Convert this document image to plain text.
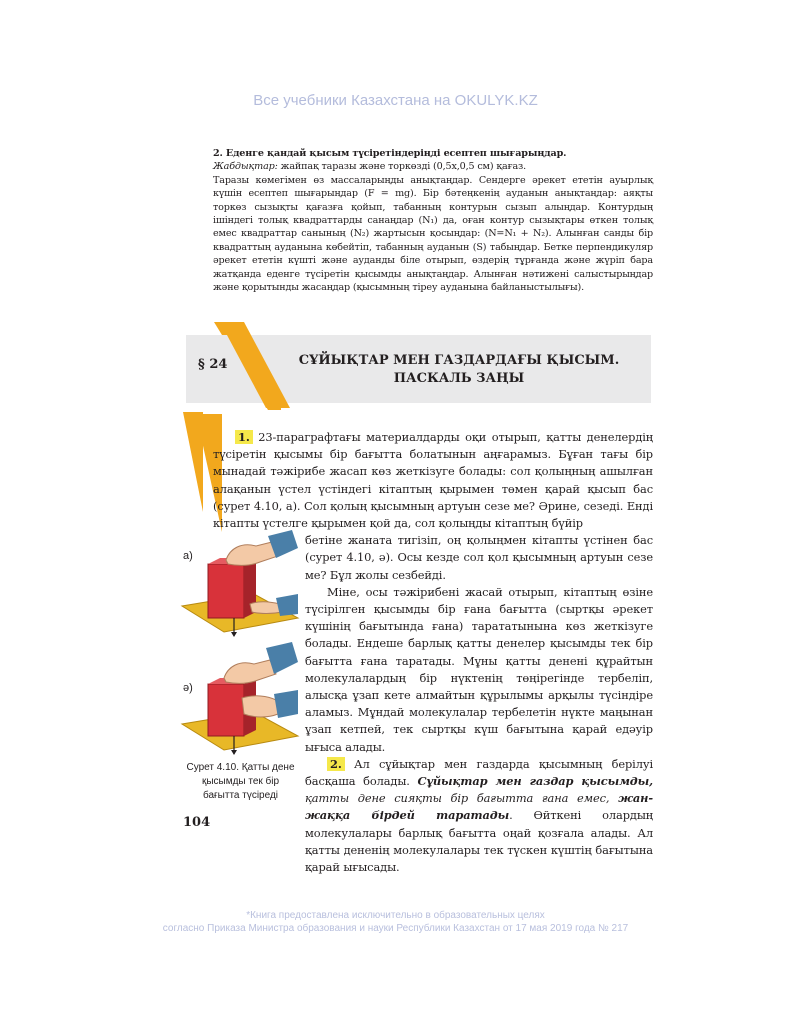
Все учебники Казахстана на OKULYK.KZ

2. Еденге қандай қысым түсіретіндеріңді есептеп шығарыңдар.

Жабдықтар: жайпақ таразы және торкөзді (0,5х,0,5 см) қағаз.

Таразы көмегімен өз массаларыңды анықтаңдар. Сендерге әрекет ететін ауырлық күшін есептеп шығарыңдар (F = mg). Бір бәтеңкенің ауданын анықтаңдар: аяқты торкөз сызықты қағазға қойып, табанның контурын сызып алыңдар. Контурдың ішіндегі толық квадраттарды санаңдар (N₁) да, оған контур сызықтары өткен толық емес квадраттар санының (N₂) жартысын қосыңдар: (N=N₁ + N₂). Алынған санды бір квадраттың ауданына көбейтіп, табанның ауданын (S) табыңдар. Бетке перпендикуляр әрекет ететін күшті және ауданды біле отырып, өздерің тұрғанда және жүріп бара жатқанда еденге түсіретін қысымды анықтаңдар. Алынған нәтижені салыстырыңдар және қорытынды жасаңдар (қысымның тіреу ауданына байланыстылығы).

§ 24	СҰЙЫҚТАР МЕН ГАЗДАРДАҒЫ ҚЫСЫМ.
ПАСКАЛЬ ЗАҢЫ

1. 23-параграфтағы материалдарды оқи отырып, қатты денелердің түсіретін қысымы бір бағытта болатынын аңғарамыз. Бұған тағы бір мынадай тәжірибе жасап көз жеткізуге болады: сол қолыңның ашылған алақанын үстел үстіндегі кітаптың қырымен төмен қарай қысып бас (сурет 4.10, а). Сол қолың қысымның артуын сезе ме? Әрине, сезеді. Енді кітапты үстелге қырымен қой да, сол қолыңды кітаптың бүйір

бетіне жаната тигізіп, оң қолыңмен кітапты үстінен бас (сурет 4.10, ә). Осы кезде сол қол қысымның артуын сезе ме? Бұл жолы сезбейді.

Міне, осы тәжірибені жасай отырып, кітаптың өзіне түсірілген қысымды бір ғана бағытта (сыртқы әрекет күшінің бағытында ғана) тарататынына көз жеткізуге болады. Ендеше барлық қатты денелер қысымды тек бір бағытта ғана таратады. Мұны қатты денені құрайтын молекулалардың бір нүктенің төңірегінде тербеліп, алысқа ұзап кете алмайтын құрылымы арқылы түсіндіре аламыз. Мұндай молекулалар тербелетін нүкте маңынан ұзап кетпей, тек сыртқы күш бағытына қарай едәуір ығыса алады.

2. Ал сұйықтар мен газдарда қысымның берілуі басқаша болады. Сұйықтар мен газдар қысымды, қатты дене сияқты бір бағытта ғана емес, жан-жаққа бірдей таратады. Өйткені олардың молекулалары барлық бағытта оңай қозғала алады. Ал қатты дененің молекулалары тек түскен күштің бағытына қарай ығысады.

а)
ә)
Сурет 4.10. Қатты дене қысымды тек бір бағытта түсіреді
104
*Книга предоставлена исключительно в образовательных целях
согласно Приказа Министра образования и науки Республики Казахстан от 17 мая 2019 года № 217
